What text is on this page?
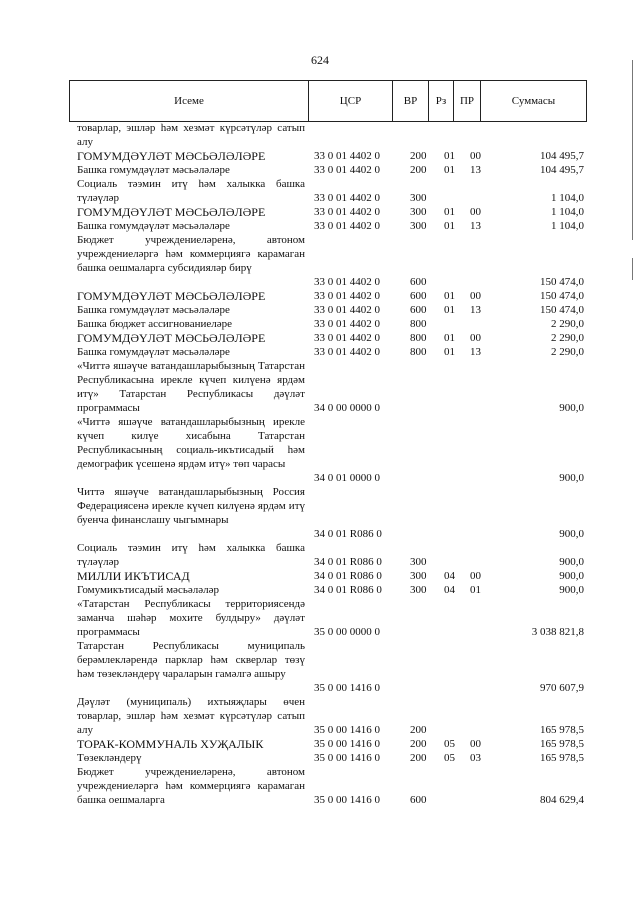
624
Исеме	ЦСР	ВР	Рз	ПР	Суммасы
товарлар, эшләр һәм хезмәт күрсәтүләр сатып алу
ГОМУМДӘҮЛӘТ МӘСЬӘЛӘЛӘРЕ	33 0 01 4402 0	200 01 00	104 495,7
Башка гомумдәүләт мәсьәләләре	33 0 01 4402 0	200 01 13	104 495,7
Социаль тәэмин итү һәм халыкка башка түләүләр	33 0 01 4402 0	300	1 104,0
ГОМУМДӘҮЛӘТ МӘСЬӘЛӘЛӘРЕ	33 0 01 4402 0	300 01 00	1 104,0
Башка гомумдәүләт мәсьәләләре	33 0 01 4402 0	300 01 13	1 104,0
Бюджет учреждениеләренә, автоном учреждениеләргә һәм коммерциягә карамаган башка оешмаларга субсидияләр бирү
33 0 01 4402 0	600	150 474,0
ГОМУМДӘҮЛӘТ МӘСЬӘЛӘЛӘРЕ	33 0 01 4402 0	600 01 00	150 474,0
Башка гомумдәүләт мәсьәләләре	33 0 01 4402 0	600 01 13	150 474,0
Башка бюджет ассигнованиеләре	33 0 01 4402 0	800	2 290,0
ГОМУМДӘҮЛӘТ МӘСЬӘЛӘЛӘРЕ	33 0 01 4402 0	800 01 00	2 290,0
Башка гомумдәүләт мәсьәләләре	33 0 01 4402 0	800 01 13	2 290,0
«Читтә яшәүче ватандашларыбызның Татарстан Республикасына ирекле күчеп килүенә ярдәм итү» Татарстан Республикасы дәүләт программасы	34 0 00 0000 0	900,0
«Читтә яшәүче ватандашларыбызның ирекле күчеп килүе хисабына Татарстан Республикасының социаль-икътисадый һәм демографик үсешенә ярдәм итү» төп чарасы
34 0 01 0000 0	900,0
Читтә яшәүче ватандашларыбызның Россия Федерациясенә ирекле күчеп килүенә ярдәм итү буенча финанслашу чыгымнары
34 0 01 R086 0	900,0
Социаль тәэмин итү һәм халыкка башка түләүләр	34 0 01 R086 0	300	900,0
МИЛЛИ ИКЪТИСАД	34 0 01 R086 0	300 04 00	900,0
Гомумикътисадый мәсьәләләр	34 0 01 R086 0	300 04 01	900,0
«Татарстан Республикасы территориясендә заманча шәһәр мохите булдыру» дәүләт программасы	35 0 00 0000 0	3 038 821,8
Татарстан Республикасы муниципаль берәмлекләрендә парклар һәм скверлар төзү һәм төзекләндерү чараларын гамәлгә ашыру
35 0 00 1416 0	970 607,9
Дәүләт (муниципаль) ихтыяҗлары өчен товарлар, эшләр һәм хезмәт күрсәтүләр сатып алу	35 0 00 1416 0	200	165 978,5
ТОРАК-КОММУНАЛЬ ХУҖАЛЫК	35 0 00 1416 0	200 05 00	165 978,5
Төзекләндерү	35 0 00 1416 0	200 05 03	165 978,5
Бюджет учреждениеләренә, автоном учреждениеләргә һәм коммерциягә карамаган башка оешмаларга	35 0 00 1416 0	600	804 629,4
